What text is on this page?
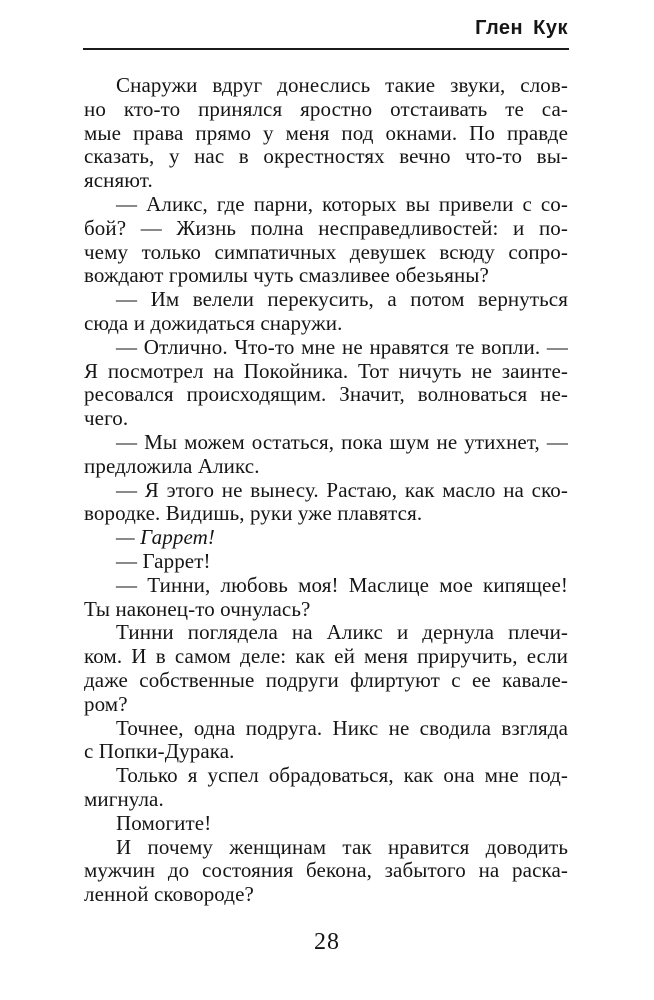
Глен Кук

Снаружи вдруг донеслись такие звуки, слов-
но кто-то принялся яростно отстаивать те са-
мые права прямо у меня под окнами. По правде
сказать, у нас в окрестностях вечно что-то вы-
ясняют.

— Аликс, где парни, которых вы привели с со-
бой? — Жизнь полна несправедливостей: и по-
чему только симпатичных девушек всюду сопро-
вождают громилы чуть смазливее обезьяны?

— Им велели перекусить, а потом вернуться
сюда и дожидаться снаружи.

— Отлично. Что-то мне не нравятся те вопли. —
Я посмотрел на Покойника. Тот ничуть не заинте-
ресовался происходящим. Значит, волноваться не-
чего.

— Мы можем остаться, пока шум не утихнет, —
предложила Аликс.

— Я этого не вынесу. Растаю, как масло на ско-
вородке. Видишь, руки уже плавятся.

— Гаррет!

— Гаррет!

— Тинни, любовь моя! Маслице мое кипящее!
Ты наконец-то очнулась?

Тинни поглядела на Аликс и дернула плечи-
ком. И в самом деле: как ей меня приручить, если
даже собственные подруги флиртуют с ее кавале-
ром?

Точнее, одна подруга. Никс не сводила взгляда
с Попки-Дурака.

Только я успел обрадоваться, как она мне под-
мигнула.

Помогите!

И почему женщинам так нравится доводить
мужчин до состояния бекона, забытого на раска-
ленной сковороде?

28
